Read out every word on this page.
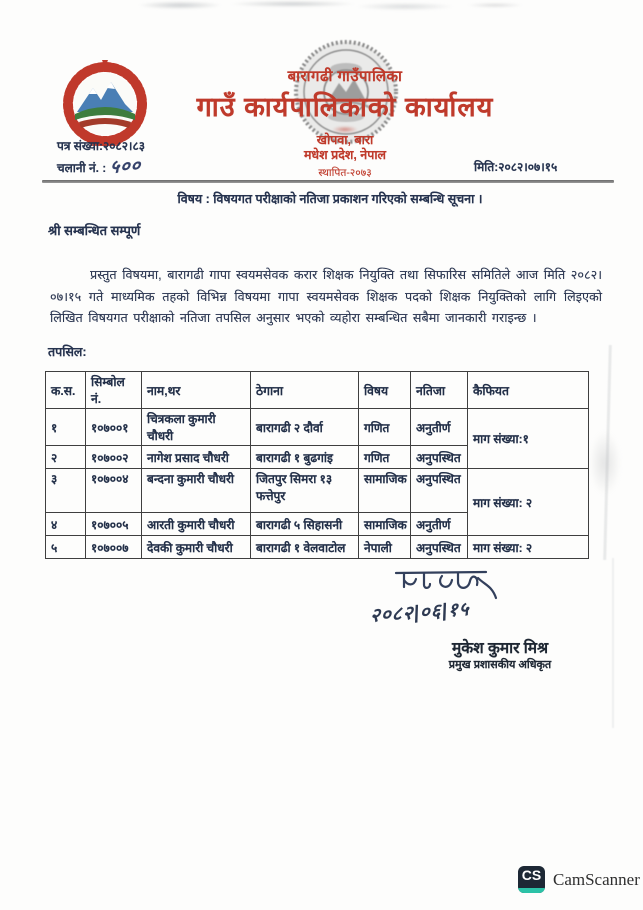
बारागढी गाउँपालिका
गाउँ कार्यपालिकाको कार्यालय
खोपवा, बारा
मधेश प्रदेश, नेपाल
स्थापित-२०७३
पत्र संख्या:२०८२।८३
चलानी नं. : ५००	मिति:२०८२।०७।१५
विषय : विषयगत परीक्षाको नतिजा प्रकाशन गरिएको सम्बन्धि सूचना ।
श्री सम्बन्धित सम्पूर्ण
प्रस्तुत विषयमा, बारागढी गापा स्वयमसेवक करार शिक्षक नियुक्ति तथा सिफारिस समितिले आज मिति २०८२।०७।१५ गते माध्यमिक तहको विभिन्न विषयमा गापा स्वयमसेवक शिक्षक पदको शिक्षक नियुक्तिको लागि लिइएको लिखित विषयगत परीक्षाको नतिजा तपसिल अनुसार भएको व्यहोरा सम्बन्धित सबैमा जानकारी गराइन्छ ।
तपसिल:
क.स.	सिम्बोल नं.	नाम,थर	ठेगाना	विषय	नतिजा	कैफियत
१	१०७००१	चित्रकला कुमारी चौधरी	बारागढी २ दौर्वा	गणित	अनुतीर्ण	माग संख्या:१
२	१०७००२	नागेश प्रसाद चौधरी	बारागढी १ बुढगांइ	गणित	अनुपस्थित	
३	१०७००४	बन्दना कुमारी चौधरी	जितपुर सिमरा १३ फत्तेपुर	सामाजिक	अनुपस्थित	माग संख्या: २
४	१०७००५	आरती कुमारी चौधरी	बारागढी ५ सिहासनी	सामाजिक	अनुतीर्ण	
५	१०७००७	देवकी कुमारी चौधरी	बारागढी १ वेलवाटोल	नेपाली	अनुपस्थित	माग संख्या: २
२०८२|०६|१५
मुकेश कुमार मिश्र
प्रमुख प्रशासकीय अधिकृत
CS CamScanner
